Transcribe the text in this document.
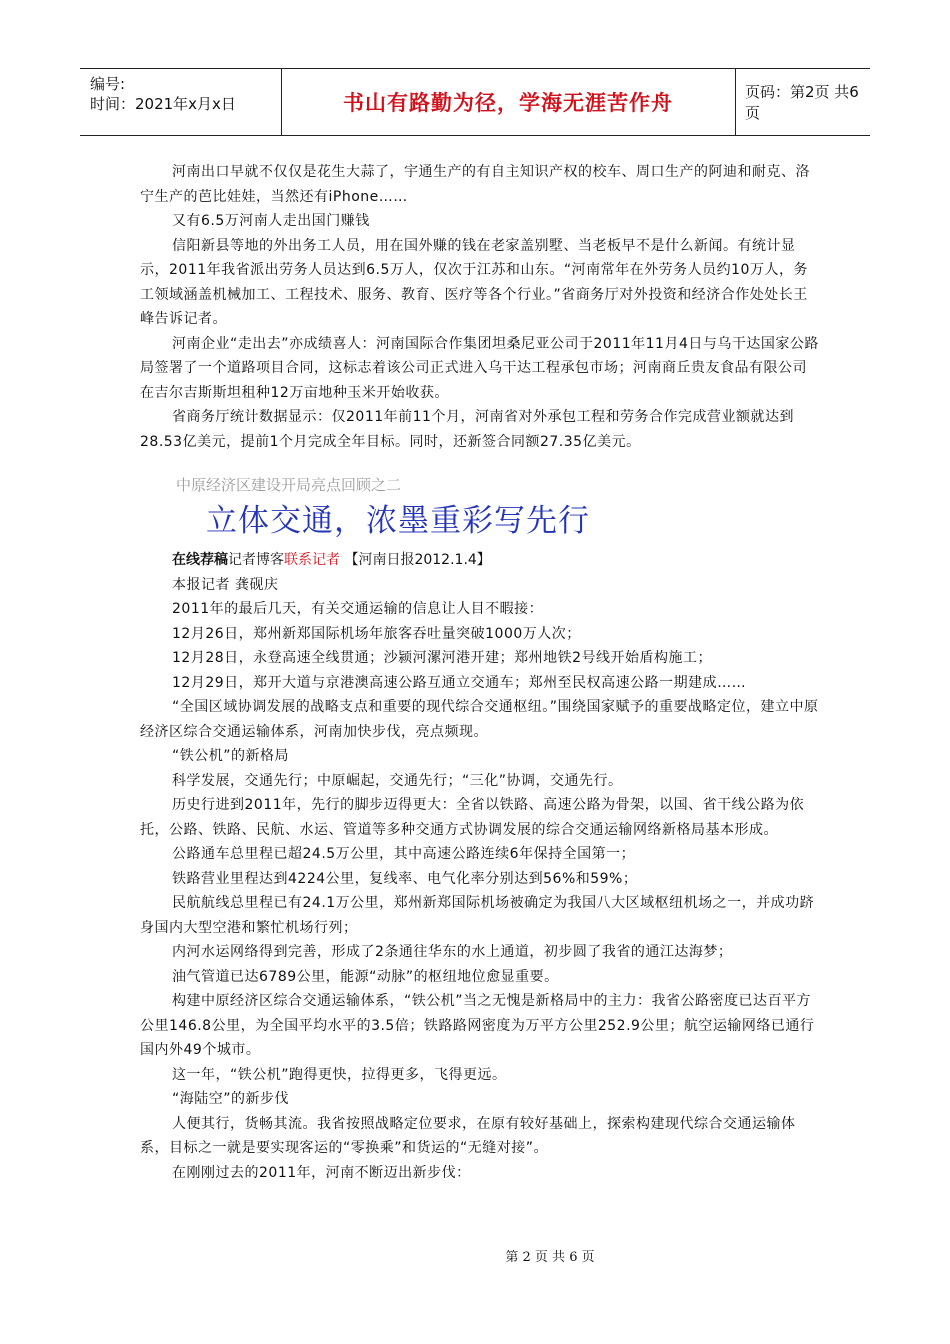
编号:
时间：2021年x月x日	书山有路勤为径，学海无涯苦作舟	页码：第2页 共6页

河南出口早就不仅仅是花生大蒜了，宇通生产的有自主知识产权的校车、周口生产的阿迪和耐克、洛宁生产的芭比娃娃，当然还有iPhone……

又有6.5万河南人走出国门赚钱

信阳新县等地的外出务工人员，用在国外赚的钱在老家盖别墅、当老板早不是什么新闻。有统计显示，2011年我省派出劳务人员达到6.5万人，仅次于江苏和山东。“河南常年在外劳务人员约10万人，务工领域涵盖机械加工、工程技术、服务、教育、医疗等各个行业。”省商务厅对外投资和经济合作处处长王峰告诉记者。

河南企业“走出去”亦成绩喜人：河南国际合作集团坦桑尼亚公司于2011年11月4日与乌干达国家公路局签署了一个道路项目合同，这标志着该公司正式进入乌干达工程承包市场；河南商丘贵友食品有限公司在吉尔吉斯斯坦租种12万亩地种玉米开始收获。

省商务厅统计数据显示：仅2011年前11个月，河南省对外承包工程和劳务合作完成营业额就达到28.53亿美元，提前1个月完成全年目标。同时，还新签合同额27.35亿美元。

中原经济区建设开局亮点回顾之二
立体交通，浓墨重彩写先行
在线荐稿记者博客联系记者 【河南日报2012.1.4】

本报记者 龚砚庆

2011年的最后几天，有关交通运输的信息让人目不暇接：

12月26日，郑州新郑国际机场年旅客吞吐量突破1000万人次；

12月28日，永登高速全线贯通；沙颍河漯河港开建；郑州地铁2号线开始盾构施工；

12月29日，郑开大道与京港澳高速公路互通立交通车；郑州至民权高速公路一期建成……

“全国区域协调发展的战略支点和重要的现代综合交通枢纽。”围绕国家赋予的重要战略定位，建立中原经济区综合交通运输体系，河南加快步伐，亮点频现。

“铁公机”的新格局

科学发展，交通先行；中原崛起，交通先行；“三化”协调，交通先行。

历史行进到2011年，先行的脚步迈得更大：全省以铁路、高速公路为骨架，以国、省干线公路为依托，公路、铁路、民航、水运、管道等多种交通方式协调发展的综合交通运输网络新格局基本形成。

公路通车总里程已超24.5万公里，其中高速公路连续6年保持全国第一；

铁路营业里程达到4224公里，复线率、电气化率分别达到56%和59%；

民航航线总里程已有24.1万公里，郑州新郑国际机场被确定为我国八大区域枢纽机场之一，并成功跻身国内大型空港和繁忙机场行列；

内河水运网络得到完善，形成了2条通往华东的水上通道，初步圆了我省的通江达海梦；

油气管道已达6789公里，能源“动脉”的枢纽地位愈显重要。

构建中原经济区综合交通运输体系，“铁公机”当之无愧是新格局中的主力：我省公路密度已达百平方公里146.8公里，为全国平均水平的3.5倍；铁路路网密度为万平方公里252.9公里；航空运输网络已通行国内外49个城市。

这一年，“铁公机”跑得更快，拉得更多，飞得更远。

“海陆空”的新步伐

人便其行，货畅其流。我省按照战略定位要求，在原有较好基础上，探索构建现代综合交通运输体系，目标之一就是要实现客运的“零换乘”和货运的“无缝对接”。

在刚刚过去的2011年，河南不断迈出新步伐：

第 2 页 共 6 页
